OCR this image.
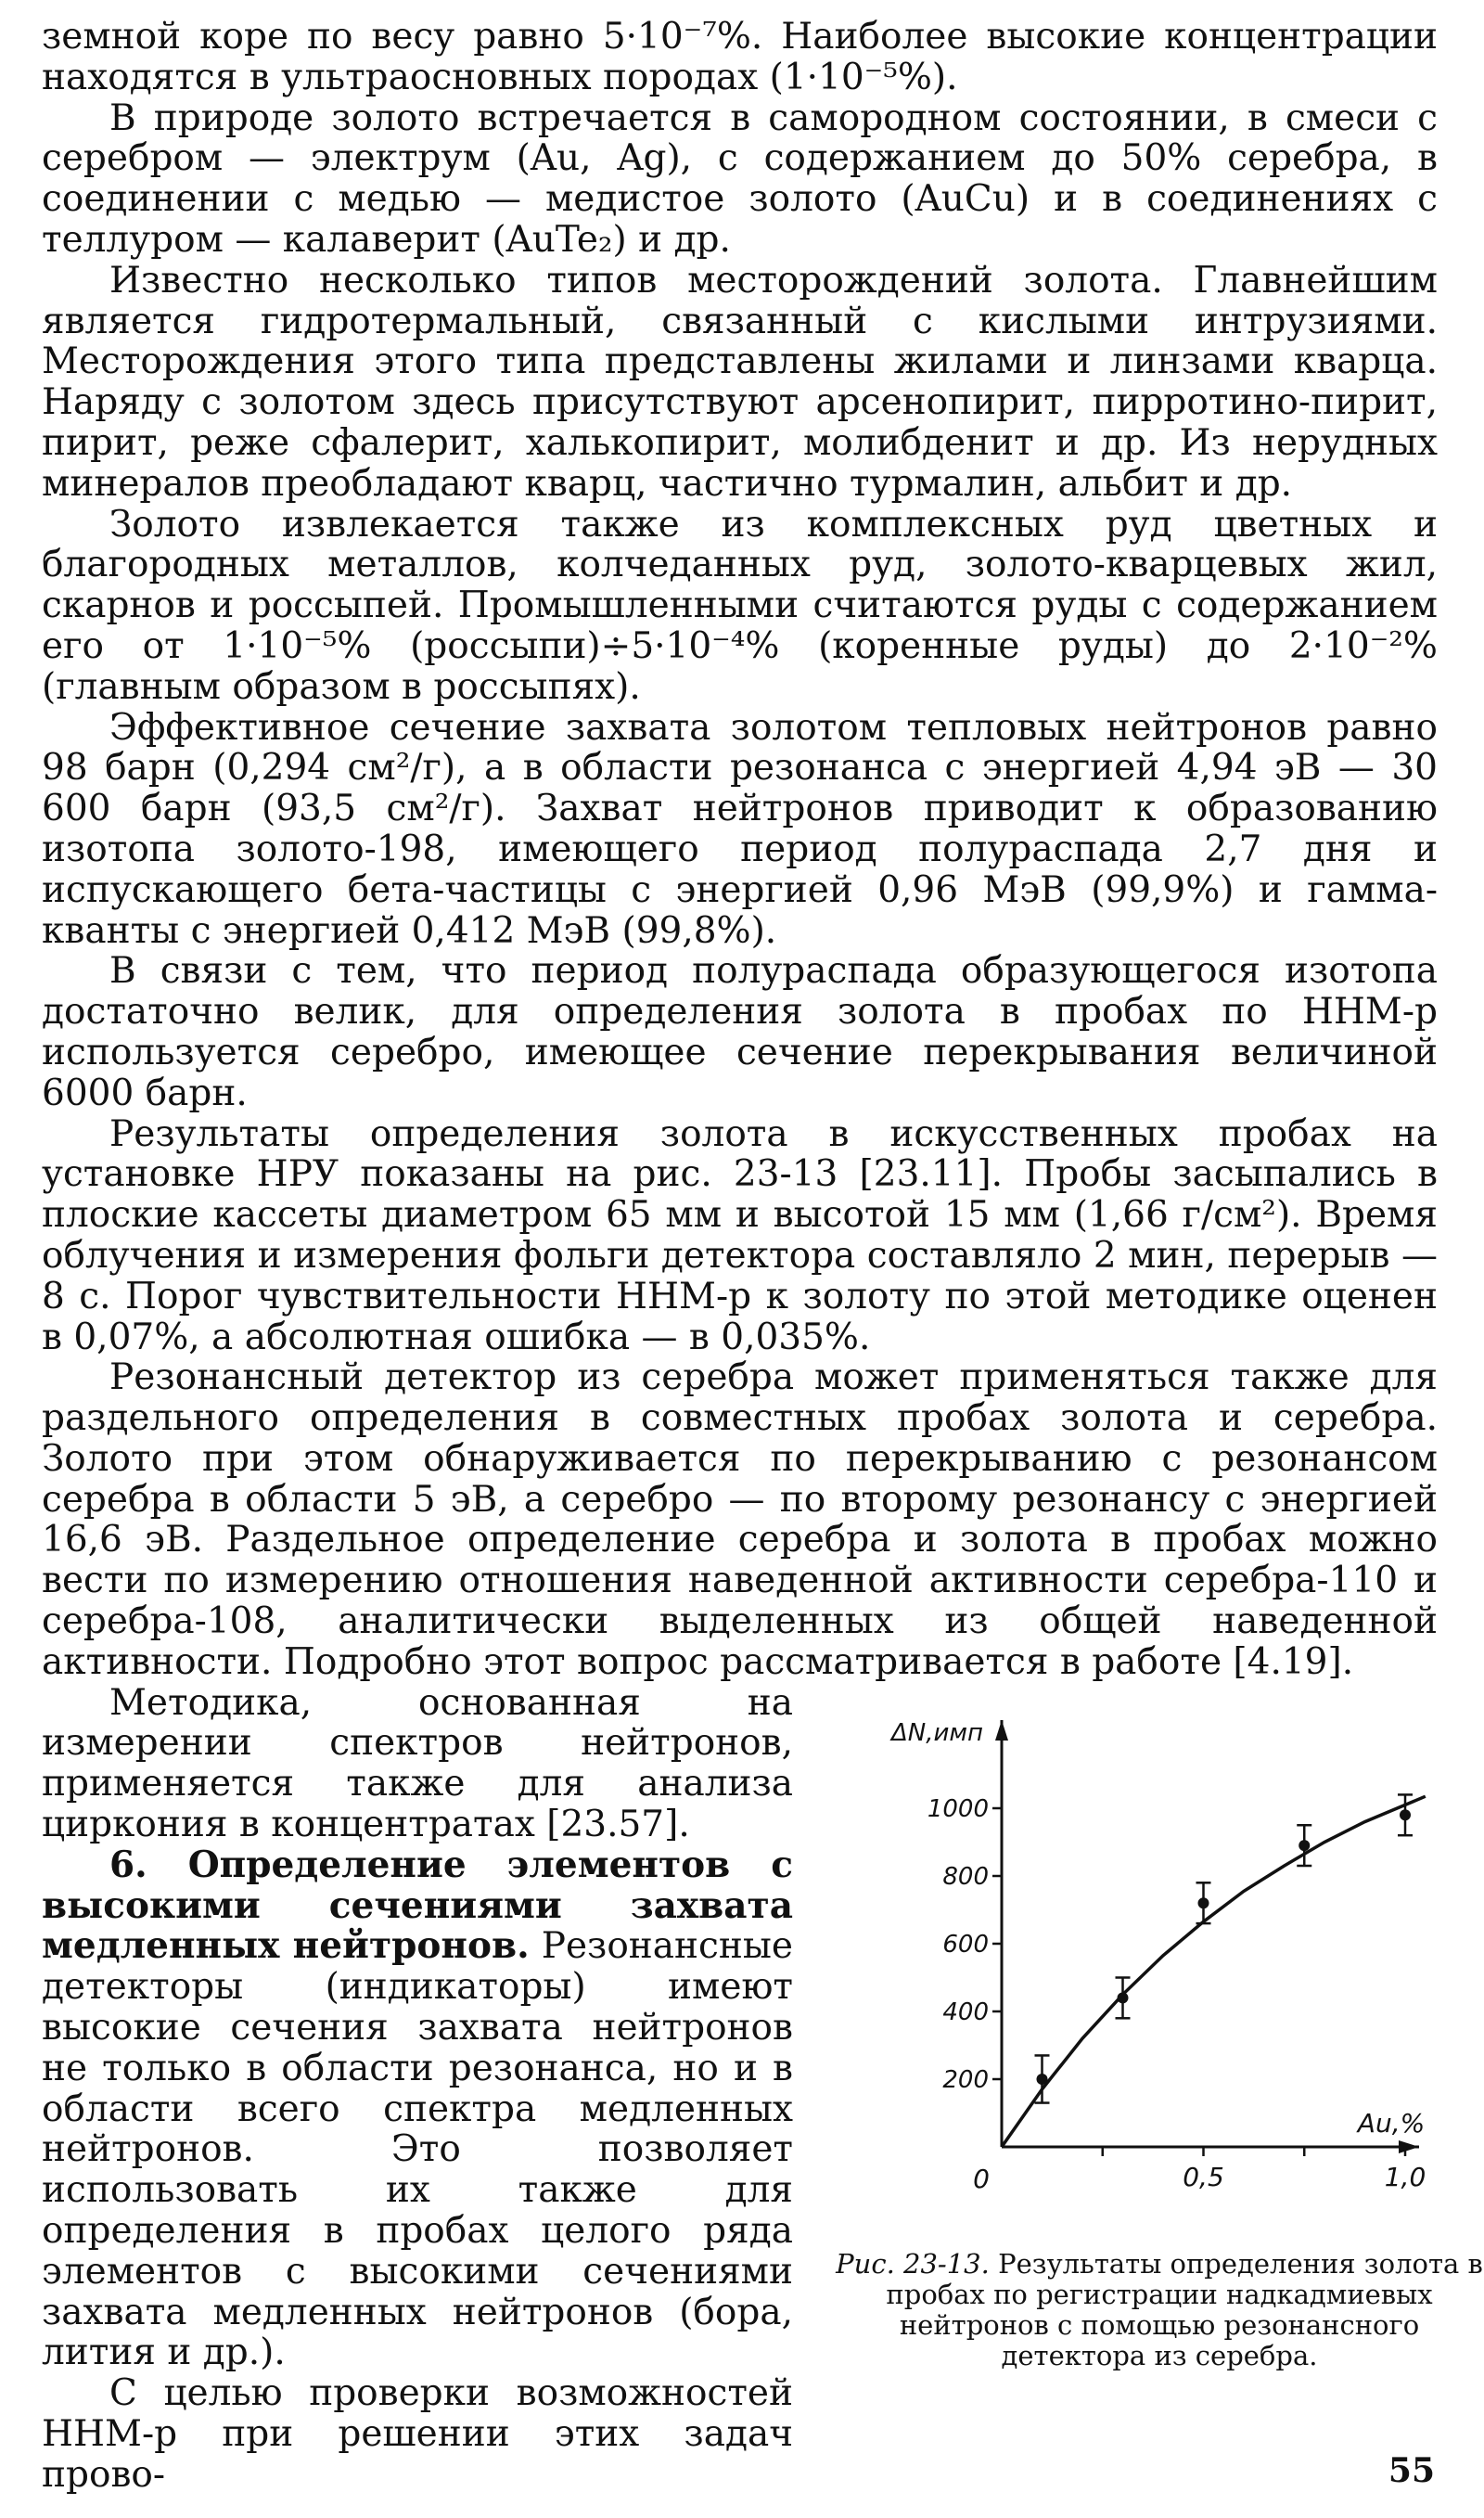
земной коре по весу равно 5·10⁻⁷%. Наиболее высокие концентрации находятся в ультраосновных породах (1·10⁻⁵%).

В природе золото встречается в самородном состоянии, в смеси с серебром — электрум (Au, Ag), с содержанием до 50% серебра, в соединении с медью — медистое золото (AuCu) и в соединениях с теллуром — калаверит (AuTe₂) и др.

Известно несколько типов месторождений золота. Главнейшим является гидротермальный, связанный с кислыми интрузиями. Месторождения этого типа представлены жилами и линзами кварца. Наряду с золотом здесь присутствуют арсенопирит, пирротино-пирит, пирит, реже сфалерит, халькопирит, молибденит и др. Из нерудных минералов преобладают кварц, частично турмалин, альбит и др.

Золото извлекается также из комплексных руд цветных и благородных металлов, колчеданных руд, золото-кварцевых жил, скарнов и россыпей. Промышленными считаются руды с содержанием его от 1·10⁻⁵% (россыпи)÷5·10⁻⁴% (коренные руды) до 2·10⁻²% (главным образом в россыпях).

Эффективное сечение захвата золотом тепловых нейтронов равно 98 барн (0,294 см²/г), а в области резонанса с энергией 4,94 эВ — 30 600 барн (93,5 см²/г). Захват нейтронов приводит к образованию изотопа золото-198, имеющего период полураспада 2,7 дня и испускающего бета-частицы с энергией 0,96 МэВ (99,9%) и гамма-кванты с энергией 0,412 МэВ (99,8%).

В связи с тем, что период полураспада образующегося изотопа достаточно велик, для определения золота в пробах по ННМ-р используется серебро, имеющее сечение перекрывания величиной 6000 барн.

Результаты определения золота в искусственных пробах на установке НРУ показаны на рис. 23-13 [23.11]. Пробы засыпались в плоские кассеты диаметром 65 мм и высотой 15 мм (1,66 г/см²). Время облучения и измерения фольги детектора составляло 2 мин, перерыв — 8 с. Порог чувствительности ННМ-р к золоту по этой методике оценен в 0,07%, а абсолютная ошибка — в 0,035%.

Резонансный детектор из серебра может применяться также для раздельного определения в совместных пробах золота и серебра. Золото при этом обнаруживается по перекрыванию с резонансом серебра в области 5 эВ, а серебро — по второму резонансу с энергией 16,6 эВ. Раздельное определение серебра и золота в пробах можно вести по измерению отношения наведенной активности серебра-110 и серебра-108, аналитически выделенных из общей наведенной активности. Подробно этот вопрос рассматривается в работе [4.19].

Методика, основанная на измерении спектров нейтронов, применяется также для анализа циркония в концентратах [23.57].

6. Определение элементов с высокими сечениями захвата медленных нейтронов. Резонансные детекторы (индикаторы) имеют высокие сечения захвата нейтронов не только в области резонанса, но и в области всего спектра медленных нейтронов. Это позволяет использовать их также для определения в пробах целого ряда элементов с высокими сечениями захвата медленных нейтронов (бора, лития и др.).

С целью проверки возможностей ННМ-р при решении этих задач прово-

200
400
600
800
1000
0,5	1,0
0
ΔN,имп
Au,%
Рис. 23-13. Результаты определения золота в пробах по регистрации надкадмиевых нейтронов с помощью резонансного детектора из серебра.
55
